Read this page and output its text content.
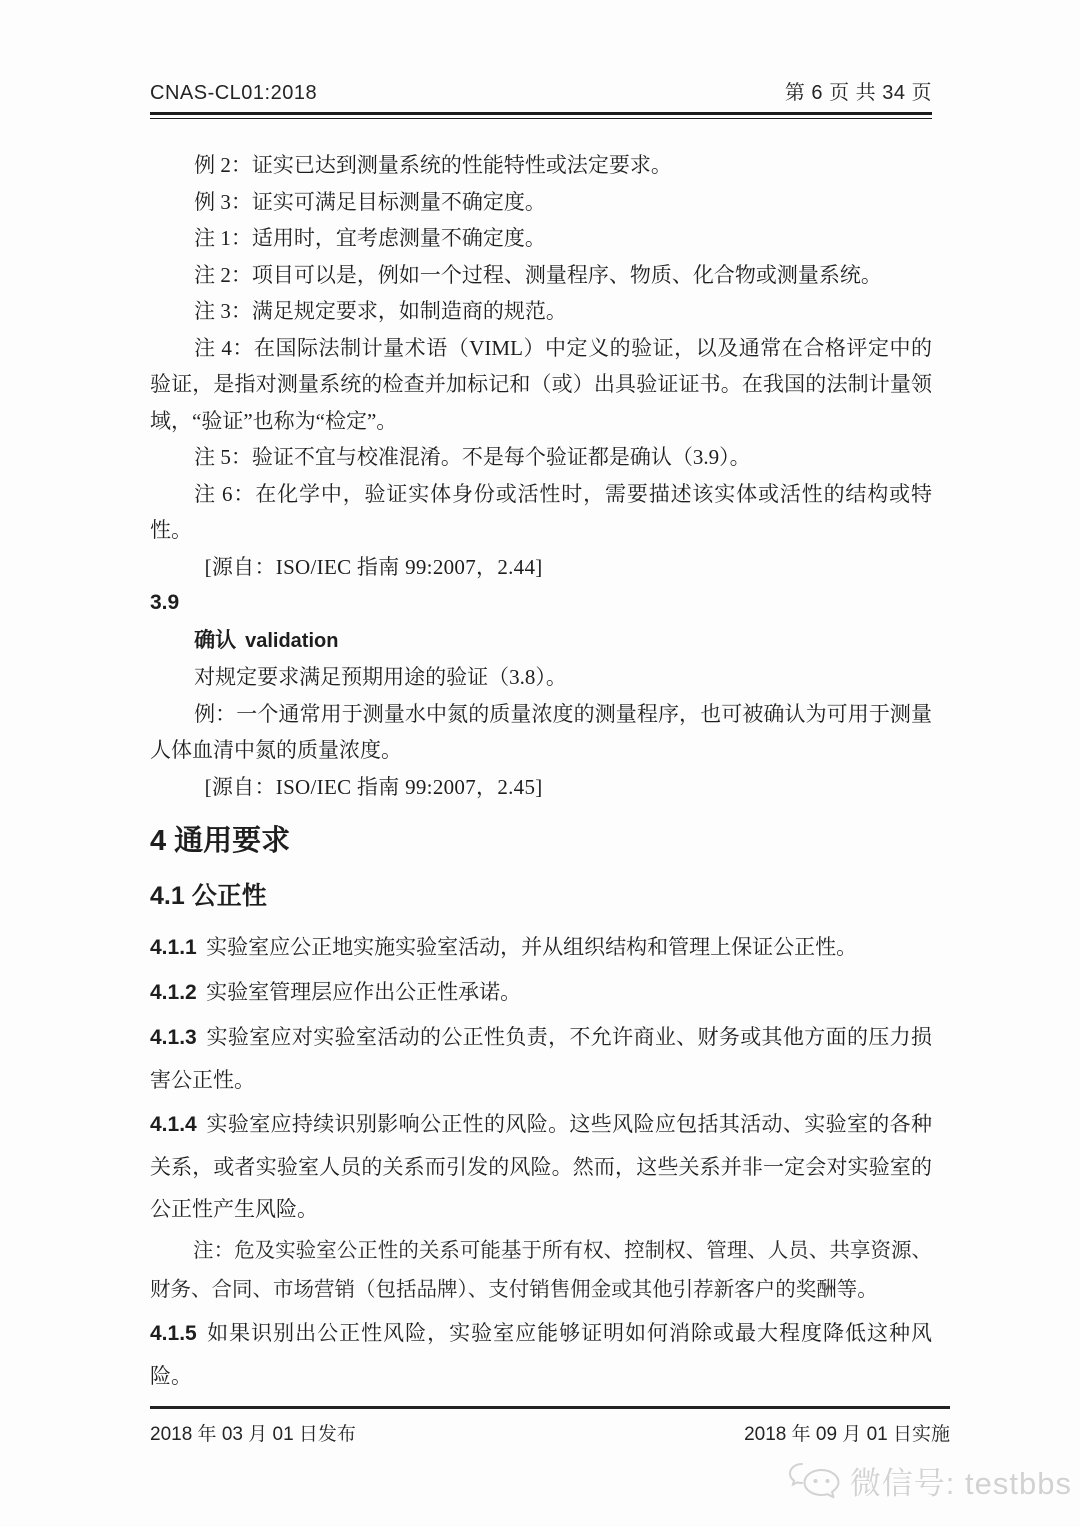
CNAS-CL01:2018	第 6 页 共 34 页

例 2：证实已达到测量系统的性能特性或法定要求。

例 3：证实可满足目标测量不确定度。

注 1：适用时，宜考虑测量不确定度。

注 2：项目可以是，例如一个过程、测量程序、物质、化合物或测量系统。

注 3：满足规定要求，如制造商的规范。

注 4：在国际法制计量术语（VIML）中定义的验证，以及通常在合格评定中的验证，是指对测量系统的检查并加标记和（或）出具验证证书。在我国的法制计量领域，“验证”也称为“检定”。

注 5：验证不宜与校准混淆。不是每个验证都是确认（3.9）。

注 6：在化学中，验证实体身份或活性时，需要描述该实体或活性的结构或特性。

[源自：ISO/IEC 指南 99:2007，2.44]

3.9

确认 validation

对规定要求满足预期用途的验证（3.8）。

例：一个通常用于测量水中氮的质量浓度的测量程序，也可被确认为可用于测量人体血清中氮的质量浓度。

[源自：ISO/IEC 指南 99:2007，2.45]

4 通用要求

4.1 公正性

4.1.1 实验室应公正地实施实验室活动，并从组织结构和管理上保证公正性。

4.1.2 实验室管理层应作出公正性承诺。

4.1.3 实验室应对实验室活动的公正性负责，不允许商业、财务或其他方面的压力损害公正性。

4.1.4 实验室应持续识别影响公正性的风险。这些风险应包括其活动、实验室的各种关系，或者实验室人员的关系而引发的风险。然而，这些关系并非一定会对实验室的公正性产生风险。

注：危及实验室公正性的关系可能基于所有权、控制权、管理、人员、共享资源、财务、合同、市场营销（包括品牌）、支付销售佣金或其他引荐新客户的奖酬等。

4.1.5 如果识别出公正性风险，实验室应能够证明如何消除或最大程度降低这种风险。

2018 年 03 月 01 日发布	2018 年 09 月 01 日实施
微信号: testbbs
